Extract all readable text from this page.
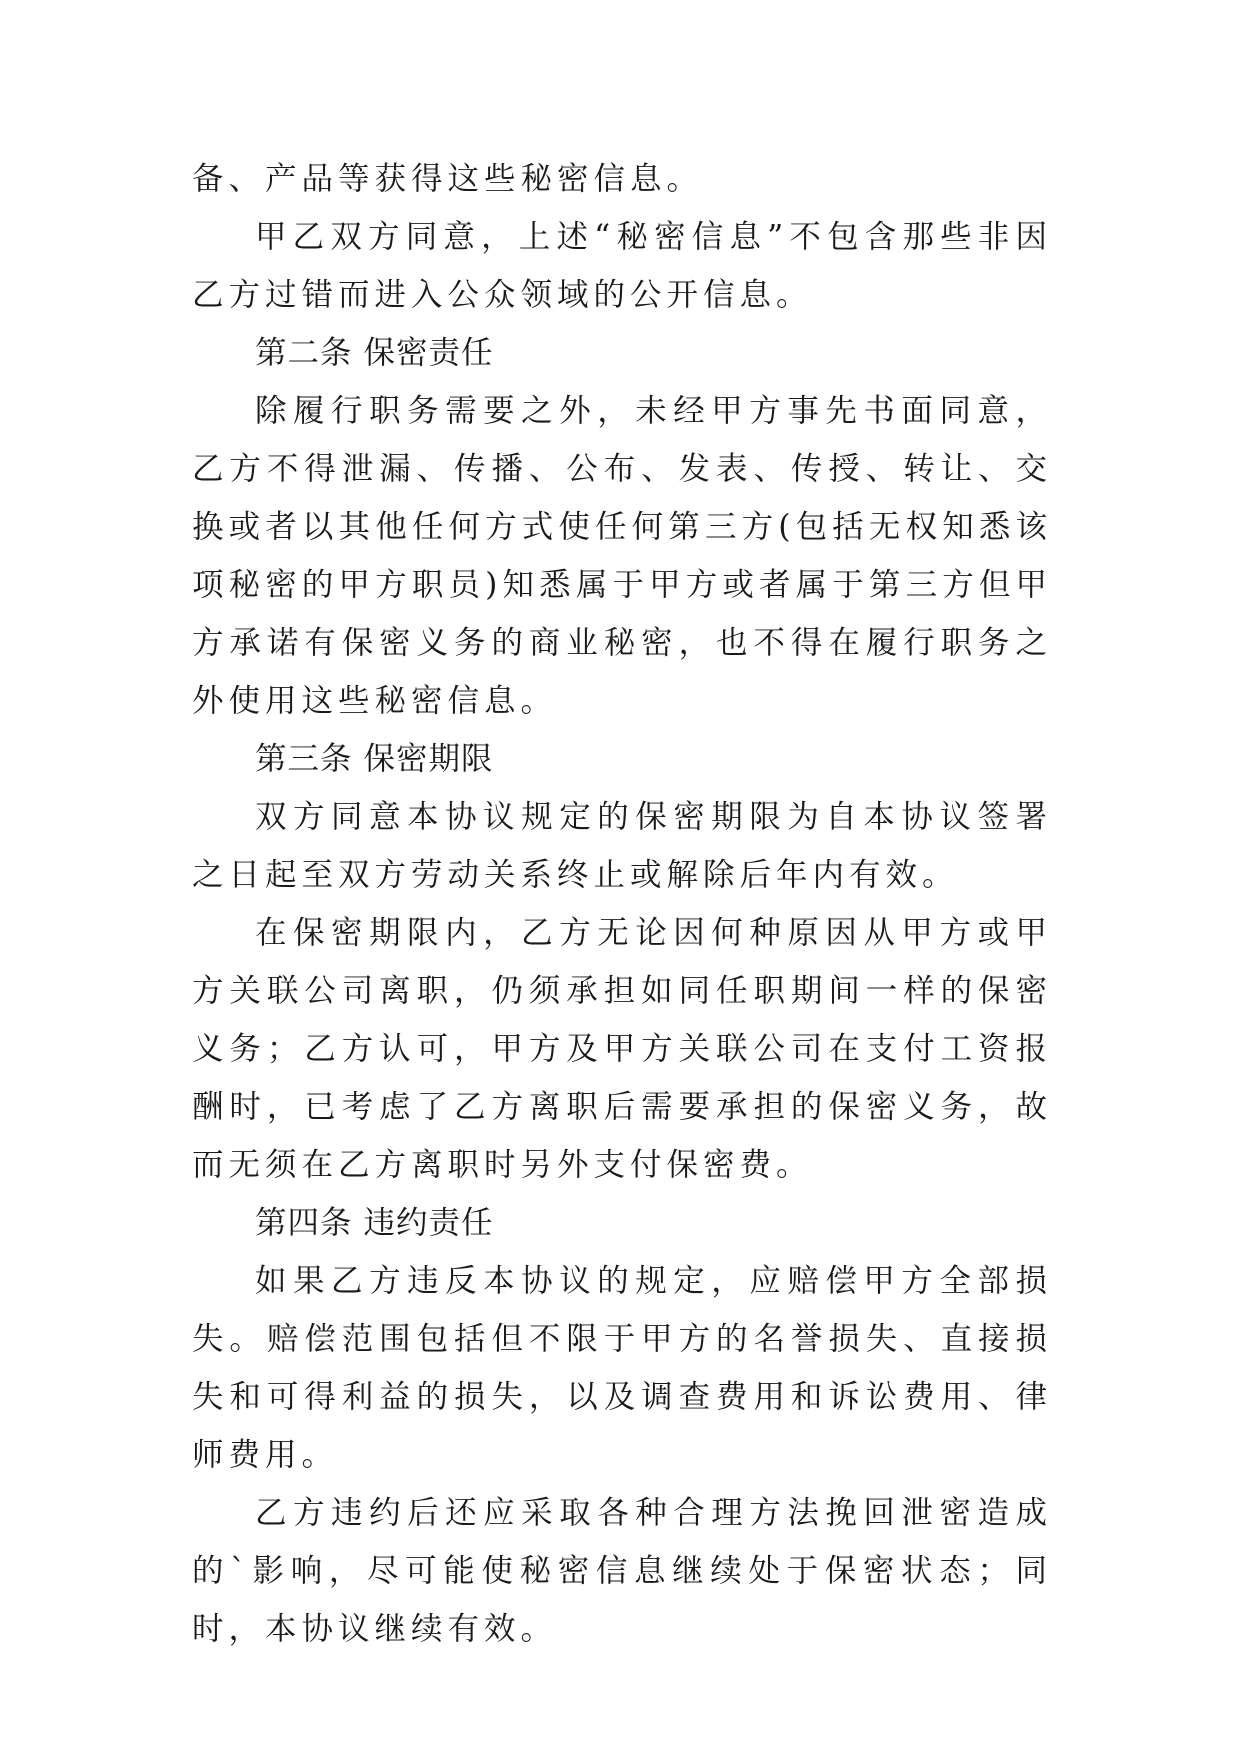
备、产品等获得这些秘密信息。

甲乙双方同意，上述“秘密信息”不包含那些非因乙方过错而进入公众领域的公开信息。

第二条 保密责任

除履行职务需要之外，未经甲方事先书面同意，乙方不得泄漏、传播、公布、发表、传授、转让、交换或者以其他任何方式使任何第三方(包括无权知悉该项秘密的甲方职员)知悉属于甲方或者属于第三方但甲方承诺有保密义务的商业秘密，也不得在履行职务之外使用这些秘密信息。

第三条 保密期限

双方同意本协议规定的保密期限为自本协议签署之日起至双方劳动关系终止或解除后年内有效。

在保密期限内，乙方无论因何种原因从甲方或甲方关联公司离职，仍须承担如同任职期间一样的保密义务；乙方认可，甲方及甲方关联公司在支付工资报酬时，已考虑了乙方离职后需要承担的保密义务，故而无须在乙方离职时另外支付保密费。

第四条 违约责任

如果乙方违反本协议的规定，应赔偿甲方全部损失。赔偿范围包括但不限于甲方的名誉损失、直接损失和可得利益的损失，以及调查费用和诉讼费用、律师费用。

乙方违约后还应采取各种合理方法挽回泄密造成的`影响，尽可能使秘密信息继续处于保密状态；同时，本协议继续有效。
